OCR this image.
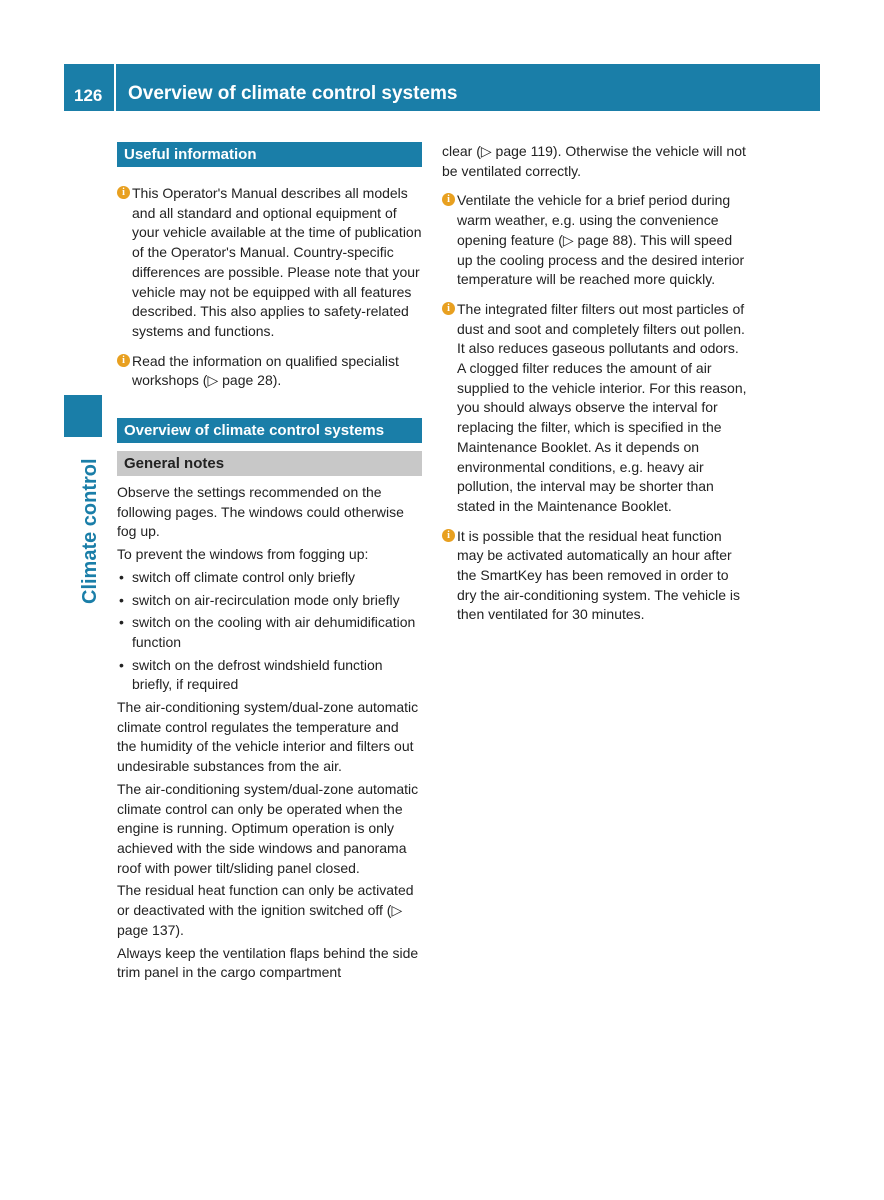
126 Overview of climate control systems
Climate control
Useful information
i This Operator's Manual describes all models and all standard and optional equipment of your vehicle available at the time of publication of the Operator's Manual. Country-specific differences are possible. Please note that your vehicle may not be equipped with all features described. This also applies to safety-related systems and functions.
i Read the information on qualified specialist workshops (▷ page 28).
Overview of climate control systems
General notes

Observe the settings recommended on the following pages. The windows could otherwise fog up.

To prevent the windows from fogging up:

• switch off climate control only briefly
• switch on air-recirculation mode only briefly
• switch on the cooling with air dehumidification function
• switch on the defrost windshield function briefly, if required

The air-conditioning system/dual-zone automatic climate control regulates the temperature and the humidity of the vehicle interior and filters out undesirable substances from the air.

The air-conditioning system/dual-zone automatic climate control can only be operated when the engine is running. Optimum operation is only achieved with the side windows and panorama roof with power tilt/sliding panel closed.

The residual heat function can only be activated or deactivated with the ignition switched off (▷ page 137).

Always keep the ventilation flaps behind the side trim panel in the cargo compartment

clear (▷ page 119). Otherwise the vehicle will not be ventilated correctly.

i Ventilate the vehicle for a brief period during warm weather, e.g. using the convenience opening feature (▷ page 88). This will speed up the cooling process and the desired interior temperature will be reached more quickly.
i The integrated filter filters out most particles of dust and soot and completely filters out pollen. It also reduces gaseous pollutants and odors. A clogged filter reduces the amount of air supplied to the vehicle interior. For this reason, you should always observe the interval for replacing the filter, which is specified in the Maintenance Booklet. As it depends on environmental conditions, e.g. heavy air pollution, the interval may be shorter than stated in the Maintenance Booklet.
i It is possible that the residual heat function may be activated automatically an hour after the SmartKey has been removed in order to dry the air-conditioning system. The vehicle is then ventilated for 30 minutes.
